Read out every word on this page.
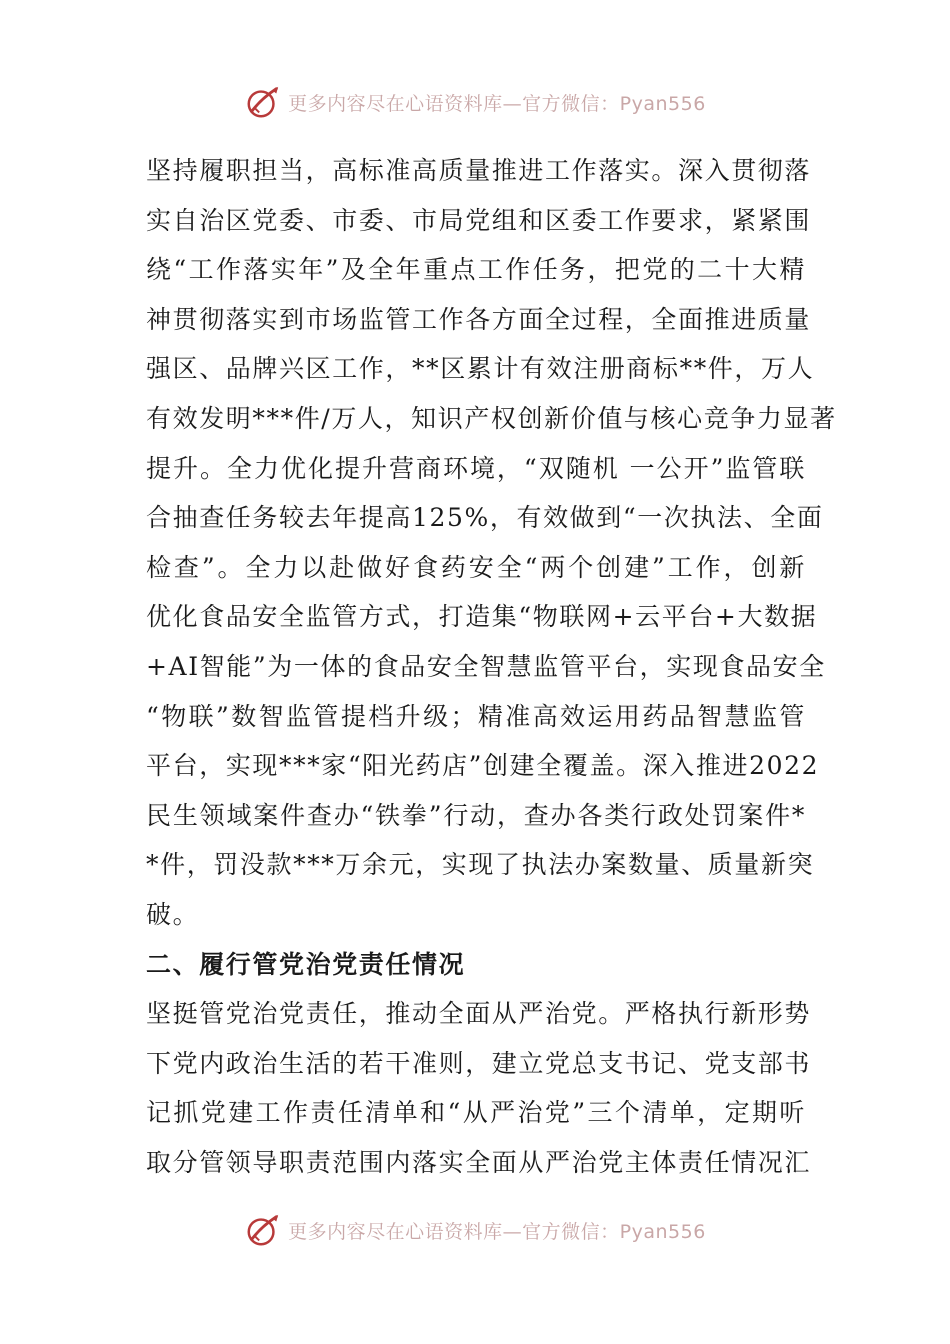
更多内容尽在心语资料库—官方微信：Pyan556
坚持履职担当，高标准高质量推进工作落实。深入贯彻落
实自治区党委、市委、市局党组和区委工作要求，紧紧围
绕“工作落实年”及全年重点工作任务，把党的二十大精
神贯彻落实到市场监管工作各方面全过程，全面推进质量
强区、品牌兴区工作，**区累计有效注册商标**件，万人
有效发明***件/万人，知识产权创新价值与核心竞争力显著
提升。全力优化提升营商环境，“双随机 一公开”监管联
合抽查任务较去年提高125%，有效做到“一次执法、全面
检查”。全力以赴做好食药安全“两个创建”工作，创新
优化食品安全监管方式，打造集“物联网+云平台+大数据
+AI智能”为一体的食品安全智慧监管平台，实现食品安全
“物联”数智监管提档升级；精准高效运用药品智慧监管
平台，实现***家“阳光药店”创建全覆盖。深入推进2022
民生领域案件查办“铁拳”行动，查办各类行政处罚案件*
*件，罚没款***万余元，实现了执法办案数量、质量新突
破。
二、履行管党治党责任情况
坚挺管党治党责任，推动全面从严治党。严格执行新形势
下党内政治生活的若干准则，建立党总支书记、党支部书
记抓党建工作责任清单和“从严治党”三个清单，定期听
取分管领导职责范围内落实全面从严治党主体责任情况汇
更多内容尽在心语资料库—官方微信：Pyan556
